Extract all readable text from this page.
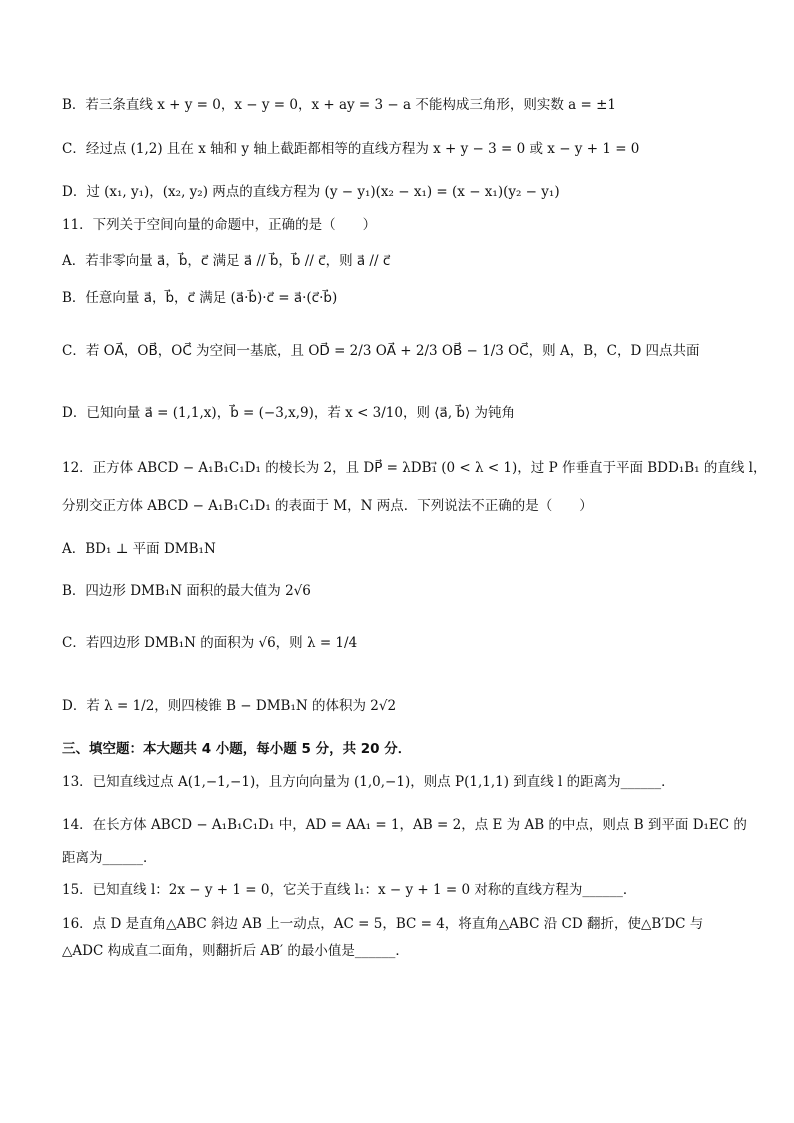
B．若三条直线 x + y = 0，x − y = 0，x + ay = 3 − a 不能构成三角形，则实数 a = ±1
C．经过点 (1,2) 且在 x 轴和 y 轴上截距都相等的直线方程为 x + y − 3 = 0 或 x − y + 1 = 0
D．过 (x₁, y₁)，(x₂, y₂) 两点的直线方程为 (y − y₁)(x₂ − x₁) = (x − x₁)(y₂ − y₁)
11．下列关于空间向量的命题中，正确的是（　　）
A．若非零向量 a⃗，b⃗，c⃗ 满足 a⃗ // b⃗，b⃗ // c⃗，则 a⃗ // c⃗
B．任意向量 a⃗，b⃗，c⃗ 满足 (a⃗·b⃗)·c⃗ = a⃗·(c⃗·b⃗)
C．若 OA⃗，OB⃗，OC⃗ 为空间一基底，且 OD⃗ = 2/3 OA⃗ + 2/3 OB⃗ − 1/3 OC⃗，则 A，B，C，D 四点共面
D．已知向量 a⃗ = (1,1,x)，b⃗ = (−3,x,9)，若 x < 3/10，则 ⟨a⃗, b⃗⟩ 为钝角
12．正方体 ABCD − A₁B₁C₁D₁ 的棱长为 2，且 DP⃗ = λDB₁⃗ (0 < λ < 1)，过 P 作垂直于平面 BDD₁B₁ 的直线 l，
分别交正方体 ABCD − A₁B₁C₁D₁ 的表面于 M，N 两点．下列说法不正确的是（　　）
A．BD₁ ⊥ 平面 DMB₁N
B．四边形 DMB₁N 面积的最大值为 2√6
C．若四边形 DMB₁N 的面积为 √6，则 λ = 1/4
D．若 λ = 1/2，则四棱锥 B − DMB₁N 的体积为 2√2
三、填空题：本大题共 4 小题，每小题 5 分，共 20 分．
13．已知直线过点 A(1,−1,−1)，且方向向量为 (1,0,−1)，则点 P(1,1,1) 到直线 l 的距离为______．
14．在长方体 ABCD − A₁B₁C₁D₁ 中，AD = AA₁ = 1，AB = 2，点 E 为 AB 的中点，则点 B 到平面 D₁EC 的
距离为______．
15．已知直线 l：2x − y + 1 = 0，它关于直线 l₁：x − y + 1 = 0 对称的直线方程为______．
16．点 D 是直角△ABC 斜边 AB 上一动点，AC = 5，BC = 4，将直角△ABC 沿 CD 翻折，使△B′DC 与
△ADC 构成直二面角，则翻折后 AB′ 的最小值是______．
